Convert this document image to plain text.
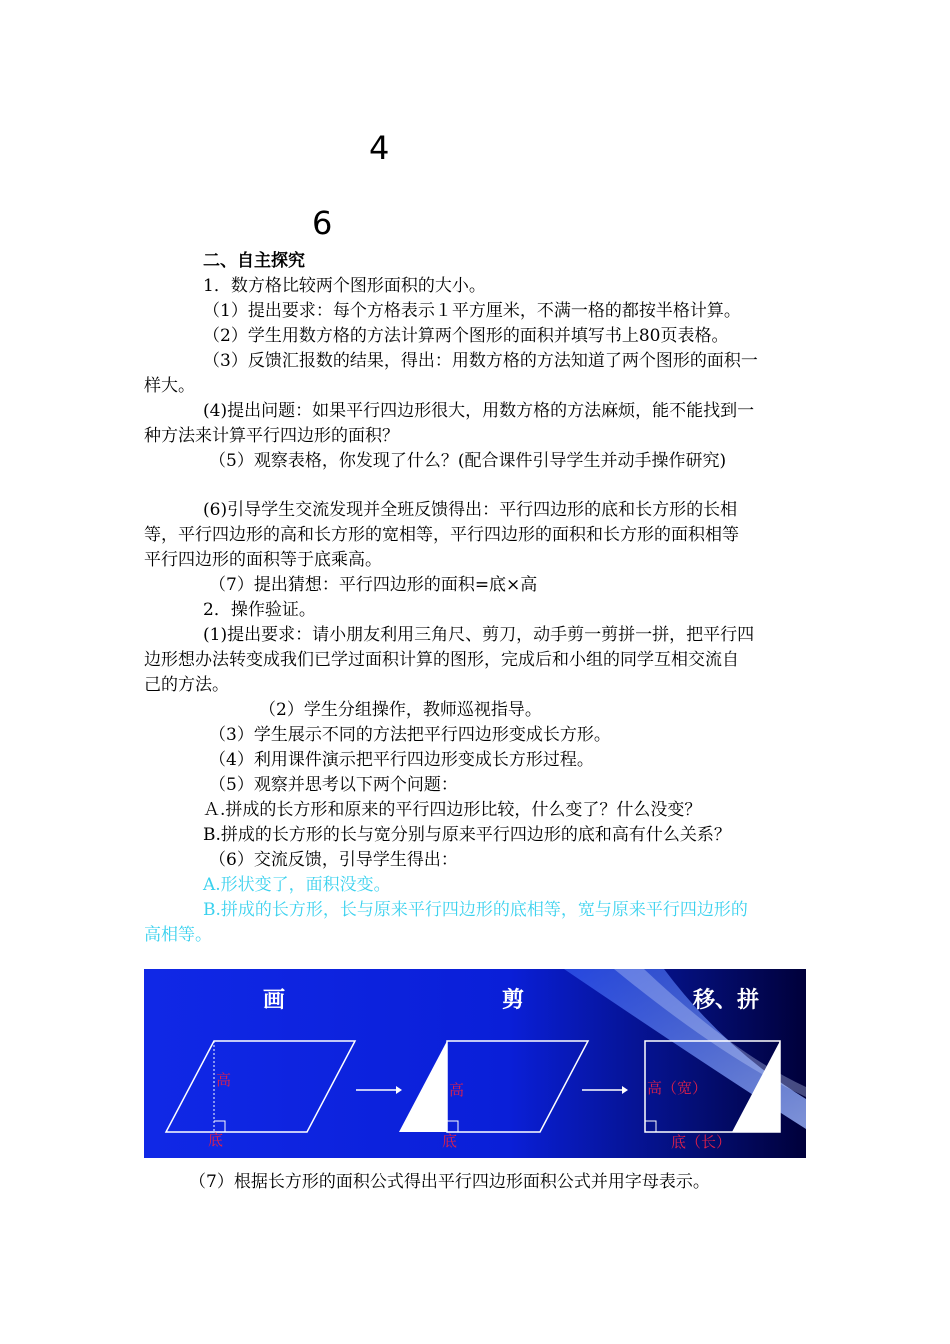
4
6
二、自主探究
1．数方格比较两个图形面积的大小。
（1）提出要求：每个方格表示１平方厘米，不满一格的都按半格计算。
（2）学生用数方格的方法计算两个图形的面积并填写书上80页表格。
（3）反馈汇报数的结果，得出：用数方格的方法知道了两个图形的面积一
样大。
(4)提出问题：如果平行四边形很大，用数方格的方法麻烦，能不能找到一
种方法来计算平行四边形的面积？
（5）观察表格，你发现了什么？(配合课件引导学生并动手操作研究)
(6)引导学生交流发现并全班反馈得出：平行四边形的底和长方形的长相
等，平行四边形的高和长方形的宽相等，平行四边形的面积和长方形的面积相等
平行四边形的面积等于底乘高。
（7）提出猜想：平行四边形的面积=底×高
2．操作验证。
(1)提出要求：请小朋友利用三角尺、剪刀，动手剪一剪拼一拼，把平行四
边形想办法转变成我们已学过面积计算的图形，完成后和小组的同学互相交流自
己的方法。
（2）学生分组操作，教师巡视指导。
（3）学生展示不同的方法把平行四边形变成长方形。
（4）利用课件演示把平行四边形变成长方形过程。
（5）观察并思考以下两个问题：
Ａ.拼成的长方形和原来的平行四边形比较，什么变了？什么没变？
B.拼成的长方形的长与宽分别与原来平行四边形的底和高有什么关系？
（6）交流反馈，引导学生得出：
A.形状变了，面积没变。
B.拼成的长方形，长与原来平行四边形的底相等，宽与原来平行四边形的
高相等。
画	剪	移、拼
高
底
高
底
高（宽）
底（长）
（7）根据长方形的面积公式得出平行四边形面积公式并用字母表示。
